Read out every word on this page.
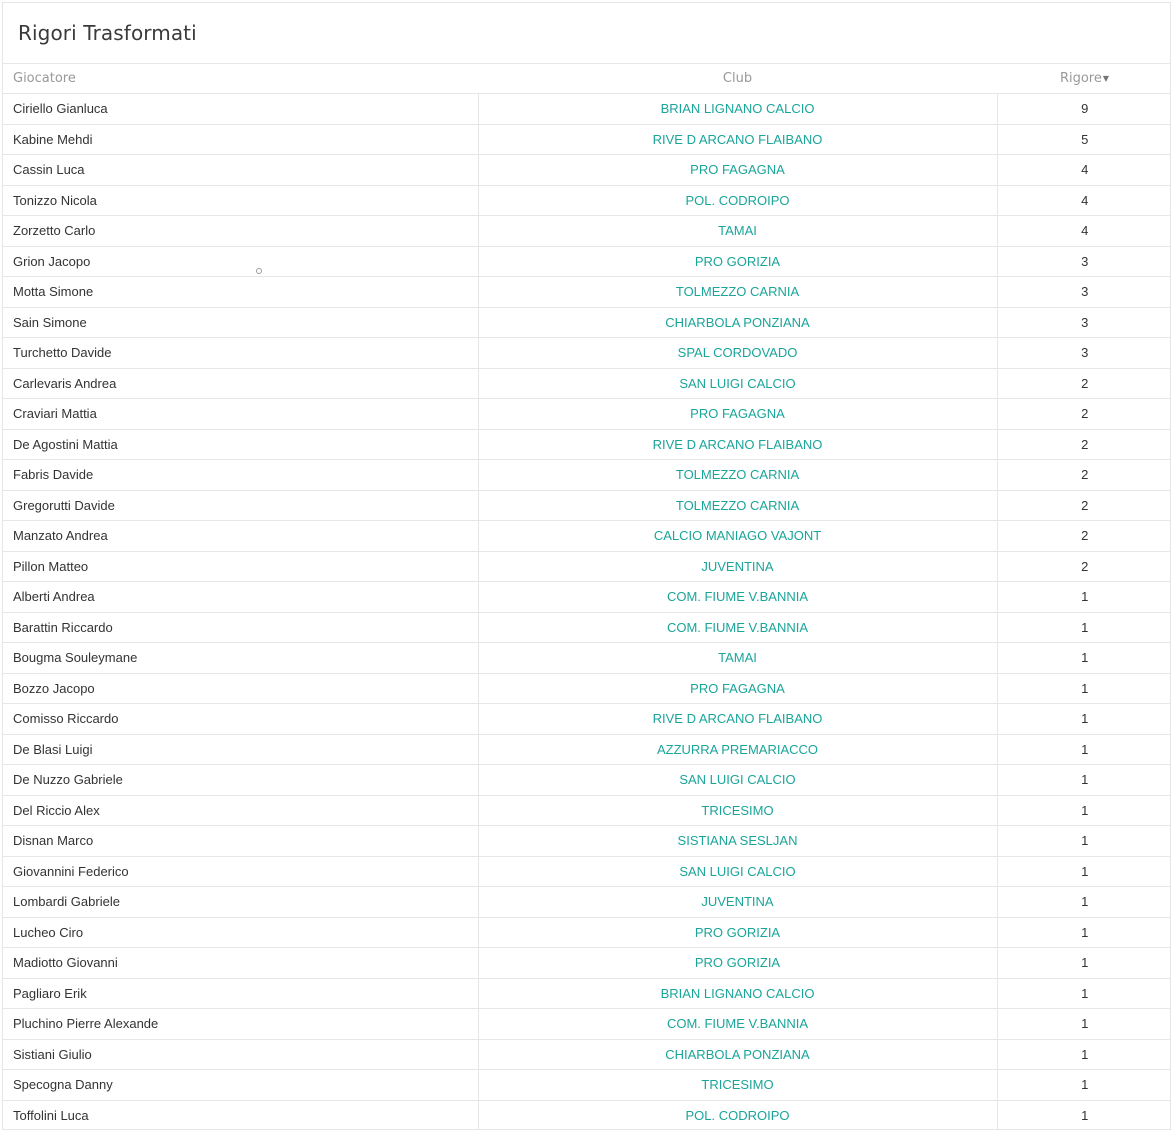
Rigori Trasformati
Giocatore	Club	Rigore▼
Ciriello Gianluca	BRIAN LIGNANO CALCIO	9
Kabine Mehdi	RIVE D ARCANO FLAIBANO	5
Cassin Luca	PRO FAGAGNA	4
Tonizzo Nicola	POL. CODROIPO	4
Zorzetto Carlo	TAMAI	4
Grion Jacopo	PRO GORIZIA	3
Motta Simone	TOLMEZZO CARNIA	3
Sain Simone	CHIARBOLA PONZIANA	3
Turchetto Davide	SPAL CORDOVADO	3
Carlevaris Andrea	SAN LUIGI CALCIO	2
Craviari Mattia	PRO FAGAGNA	2
De Agostini Mattia	RIVE D ARCANO FLAIBANO	2
Fabris Davide	TOLMEZZO CARNIA	2
Gregorutti Davide	TOLMEZZO CARNIA	2
Manzato Andrea	CALCIO MANIAGO VAJONT	2
Pillon Matteo	JUVENTINA	2
Alberti Andrea	COM. FIUME V.BANNIA	1
Barattin Riccardo	COM. FIUME V.BANNIA	1
Bougma Souleymane	TAMAI	1
Bozzo Jacopo	PRO FAGAGNA	1
Comisso Riccardo	RIVE D ARCANO FLAIBANO	1
De Blasi Luigi	AZZURRA PREMARIACCO	1
De Nuzzo Gabriele	SAN LUIGI CALCIO	1
Del Riccio Alex	TRICESIMO	1
Disnan Marco	SISTIANA SESLJAN	1
Giovannini Federico	SAN LUIGI CALCIO	1
Lombardi Gabriele	JUVENTINA	1
Lucheo Ciro	PRO GORIZIA	1
Madiotto Giovanni	PRO GORIZIA	1
Pagliaro Erik	BRIAN LIGNANO CALCIO	1
Pluchino Pierre Alexande	COM. FIUME V.BANNIA	1
Sistiani Giulio	CHIARBOLA PONZIANA	1
Specogna Danny	TRICESIMO	1
Toffolini Luca	POL. CODROIPO	1
